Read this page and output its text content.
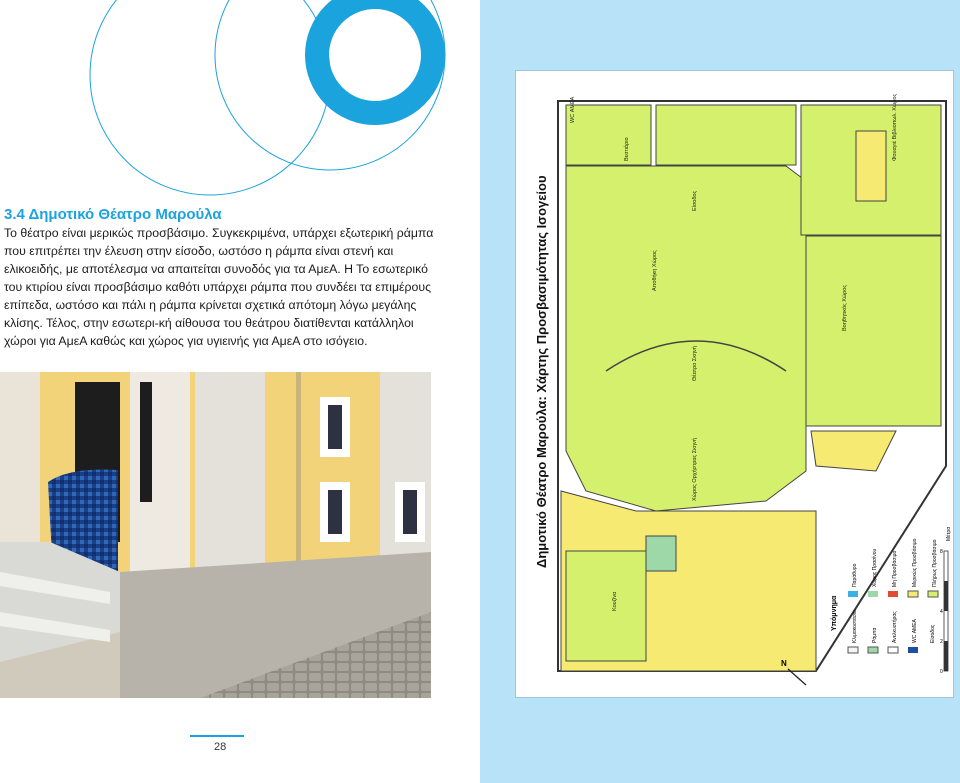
3.4 Δημοτικό Θέατρο Μαρούλα

Το θέατρο είναι μερικώς προσβάσιμο. Συγκεκριμένα, υπάρχει εξωτερική ράμπα που επιτρέπει την έλευση στην είσοδο, ωστόσο η ράμπα είναι στενή και ελικοειδής, με αποτέλεσμα να απαιτείται συνοδός για τα ΑμεΑ. Η Το εσωτερικό του κτιρίου είναι προσβάσιμο καθότι υπάρχει ράμπα που συνδέει τα επιμέρους επίπεδα, ωστόσο και πάλι η ράμπα κρίνεται σχετικά απότομη λόγω μεγάλης κλίσης. Τέλος, στην εσωτερι-κή αίθουσα του θεάτρου διατίθενται κατάλληλοι χώροι για ΑμεΑ καθώς και χώρος για υγιεινής για ΑμεΑ στο ισόγειο.

28
WC ΑΜΕΑ
Βεστιάριο
Είσοδος
Φουαγιέ Βιβλιοπωλ. Χώρος
Αποθήκη Χώρος
Βοηθητικός Χώρος
Θέατρο Σκηνή
Χώρος Ορχήστρας Σκηνή
Κουζίνα	Υπόμνημα	Κλιμακοστάσιο	Ράμπα	Ανελκυστήρας	WC ΑΜΕΑ Είσοδος
Παράθυρο	Χώρος Πρασίνου	Μη Προσβάσιμο	Μερικώς Προσβάσιμο	Πλήρως Προσβάσιμο
0
2
4
8
Μέτρα
N
Δημοτικό Θέατρο Μαρούλα: Χάρτης Προσβασιμότητας Ισογείου
